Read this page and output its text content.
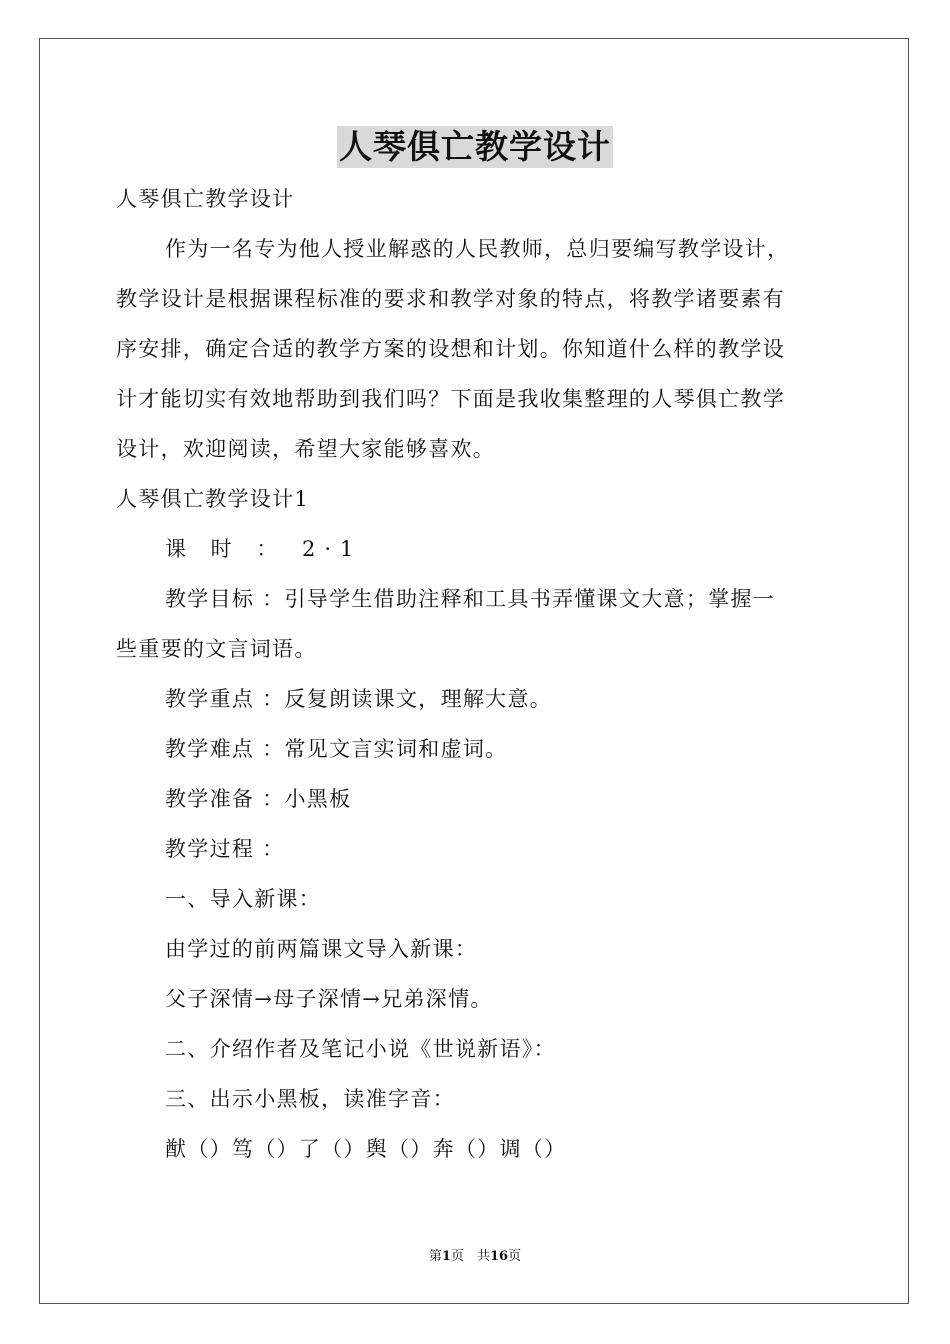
人琴俱亡教学设计
人琴俱亡教学设计
作为一名专为他人授业解惑的人民教师，总归要编写教学设计，
教学设计是根据课程标准的要求和教学对象的特点，将教学诸要素有
序安排，确定合适的教学方案的设想和计划。你知道什么样的教学设
计才能切实有效地帮助到我们吗？下面是我收集整理的人琴俱亡教学
设计，欢迎阅读，希望大家能够喜欢。
人琴俱亡教学设计1
课 时 ： 2·1
教学目标 ：引导学生借助注释和工具书弄懂课文大意；掌握一
些重要的文言词语。
教学重点 ：反复朗读课文，理解大意。
教学难点 ：常见文言实词和虚词。
教学准备 ：小黑板
教学过程 ：
一、导入新课：
由学过的前两篇课文导入新课：
父子深情→母子深情→兄弟深情。
二、介绍作者及笔记小说《世说新语》：
三、出示小黑板，读准字音：
猷（）笃（）了（）舆（）奔（）调（）
第1页　共16页
